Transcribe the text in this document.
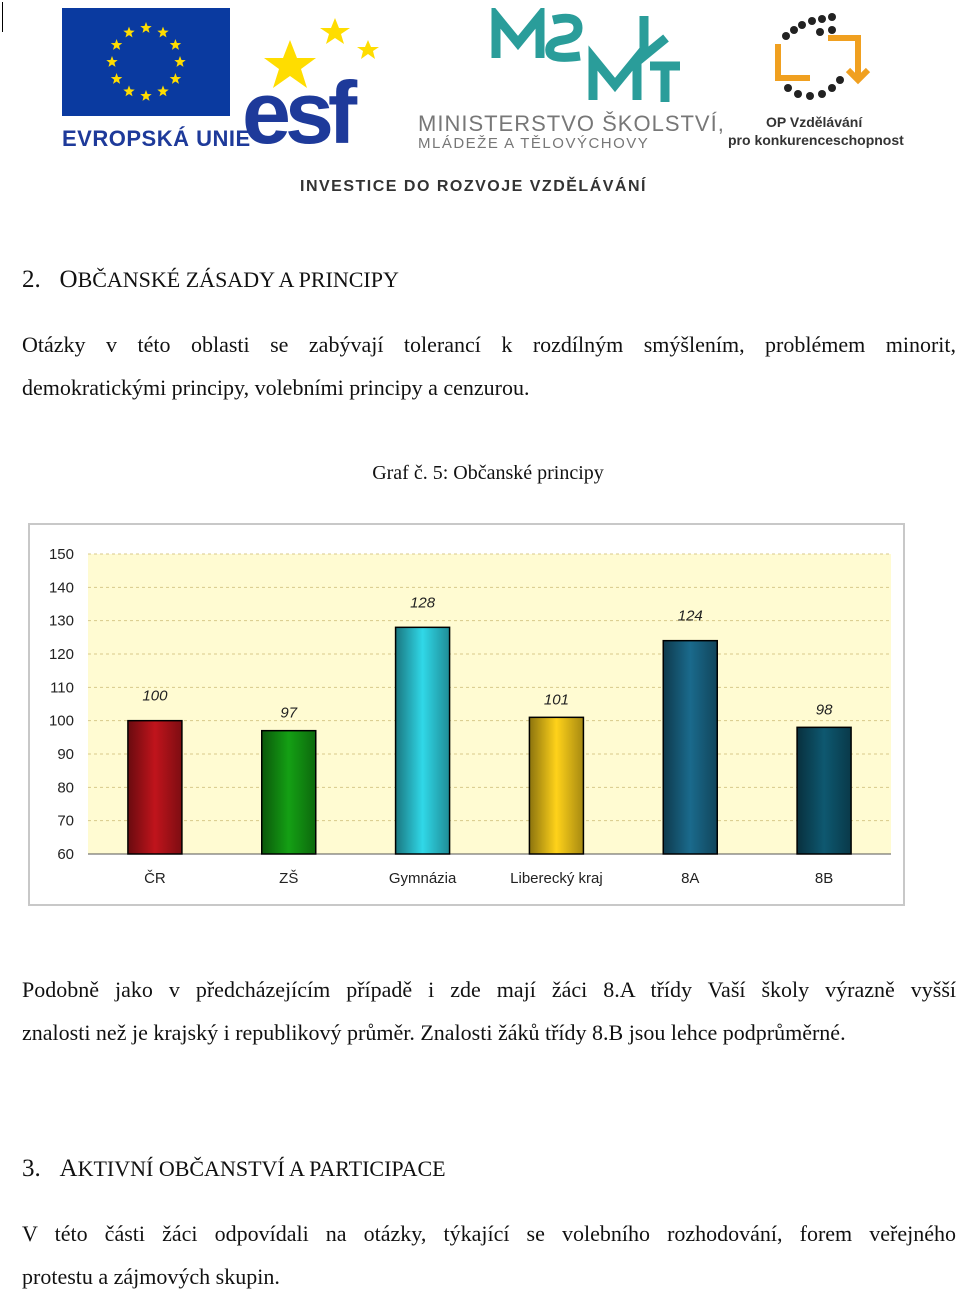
EVROPSKÁ UNIE
esf	MINISTERSTVO ŠKOLSTVÍ,
MLÁDEŽE A TĚLOVÝCHOVY
OP Vzdělávání
pro konkurenceschopnost
INVESTICE DO ROZVOJE VZDĚLÁVÁNÍ
2. OBČANSKÉ ZÁSADY A PRINCIPY
Otázky v této oblasti se zabývají tolerancí k rozdílným smýšlením, problémem minorit,
demokratickými principy, volebními principy a cenzurou.
Graf č. 5: Občanské principy
60
70
80
90
100
110
120
130
140
150
100
ČR
97
ZŠ
128
Gymnázia
101
Liberecký kraj
124
8A
98
8B
Podobně jako v předcházejícím případě i zde mají žáci 8.A třídy Vaší školy výrazně vyšší
znalosti než je krajský i republikový průměr. Znalosti žáků třídy 8.B jsou lehce podprůměrné.
3. AKTIVNÍ OBČANSTVÍ A PARTICIPACE
V této části žáci odpovídali na otázky, týkající se volebního rozhodování, forem veřejného
protestu a zájmových skupin.
